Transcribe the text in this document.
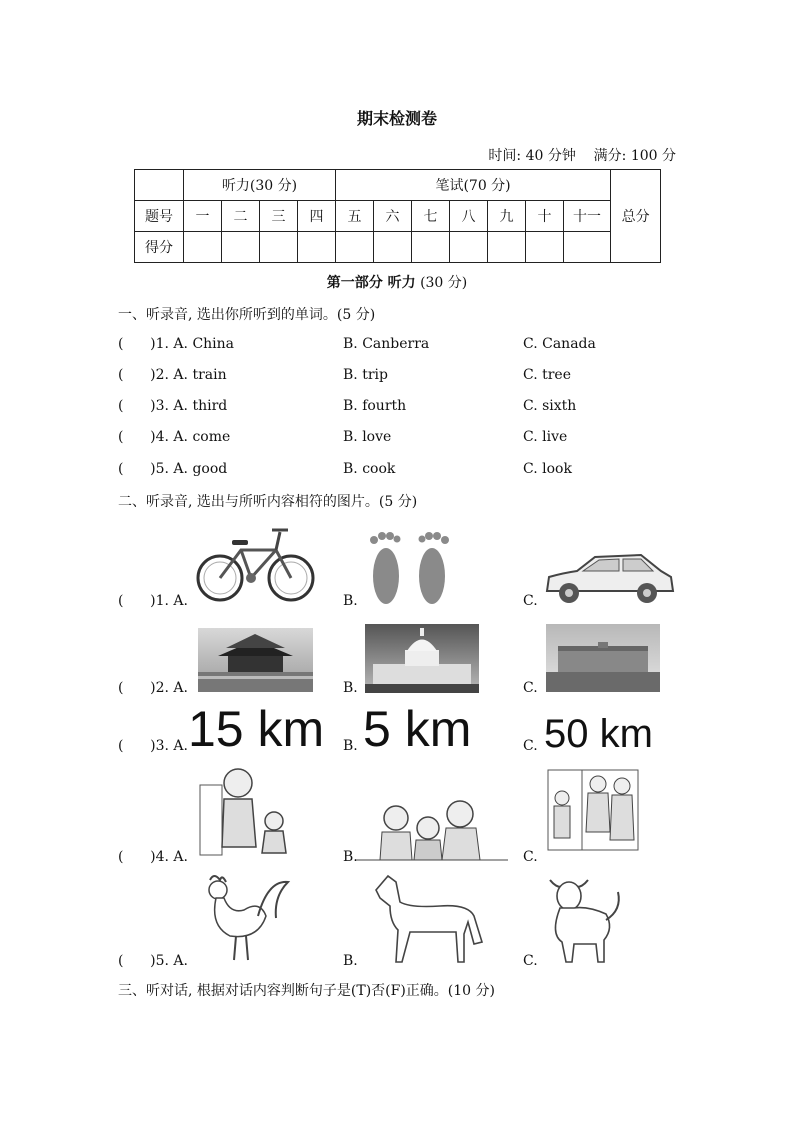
期末检测卷
时间: 40 分钟    满分: 100 分
	听力(30 分)				笔试(70 分)							总分
题号	一	二	三	四	五	六	七	八	九	十	十一	
得分												
第一部分 听力 (30 分)
一、听录音, 选出你所听到的单词。(5 分)
(      )1. A. China	B. Canberra	C. Canada
(      )2. A. train	B. trip	C. tree
(      )3. A. third	B. fourth	C. sixth
(      )4. A. come	B. love	C. live
(      )5. A. good	B. cook	C. look
二、听录音, 选出与所听内容相符的图片。(5 分)
(      )1. A.	B.	C.
(      )2. A.	B.	C.
(      )3. A. 15 km B. 5 km	C. 50 km
(      )4. A.	B.	C.
(      )5. A.	B.	C.
三、听对话, 根据对话内容判断句子是(T)否(F)正确。(10 分)
